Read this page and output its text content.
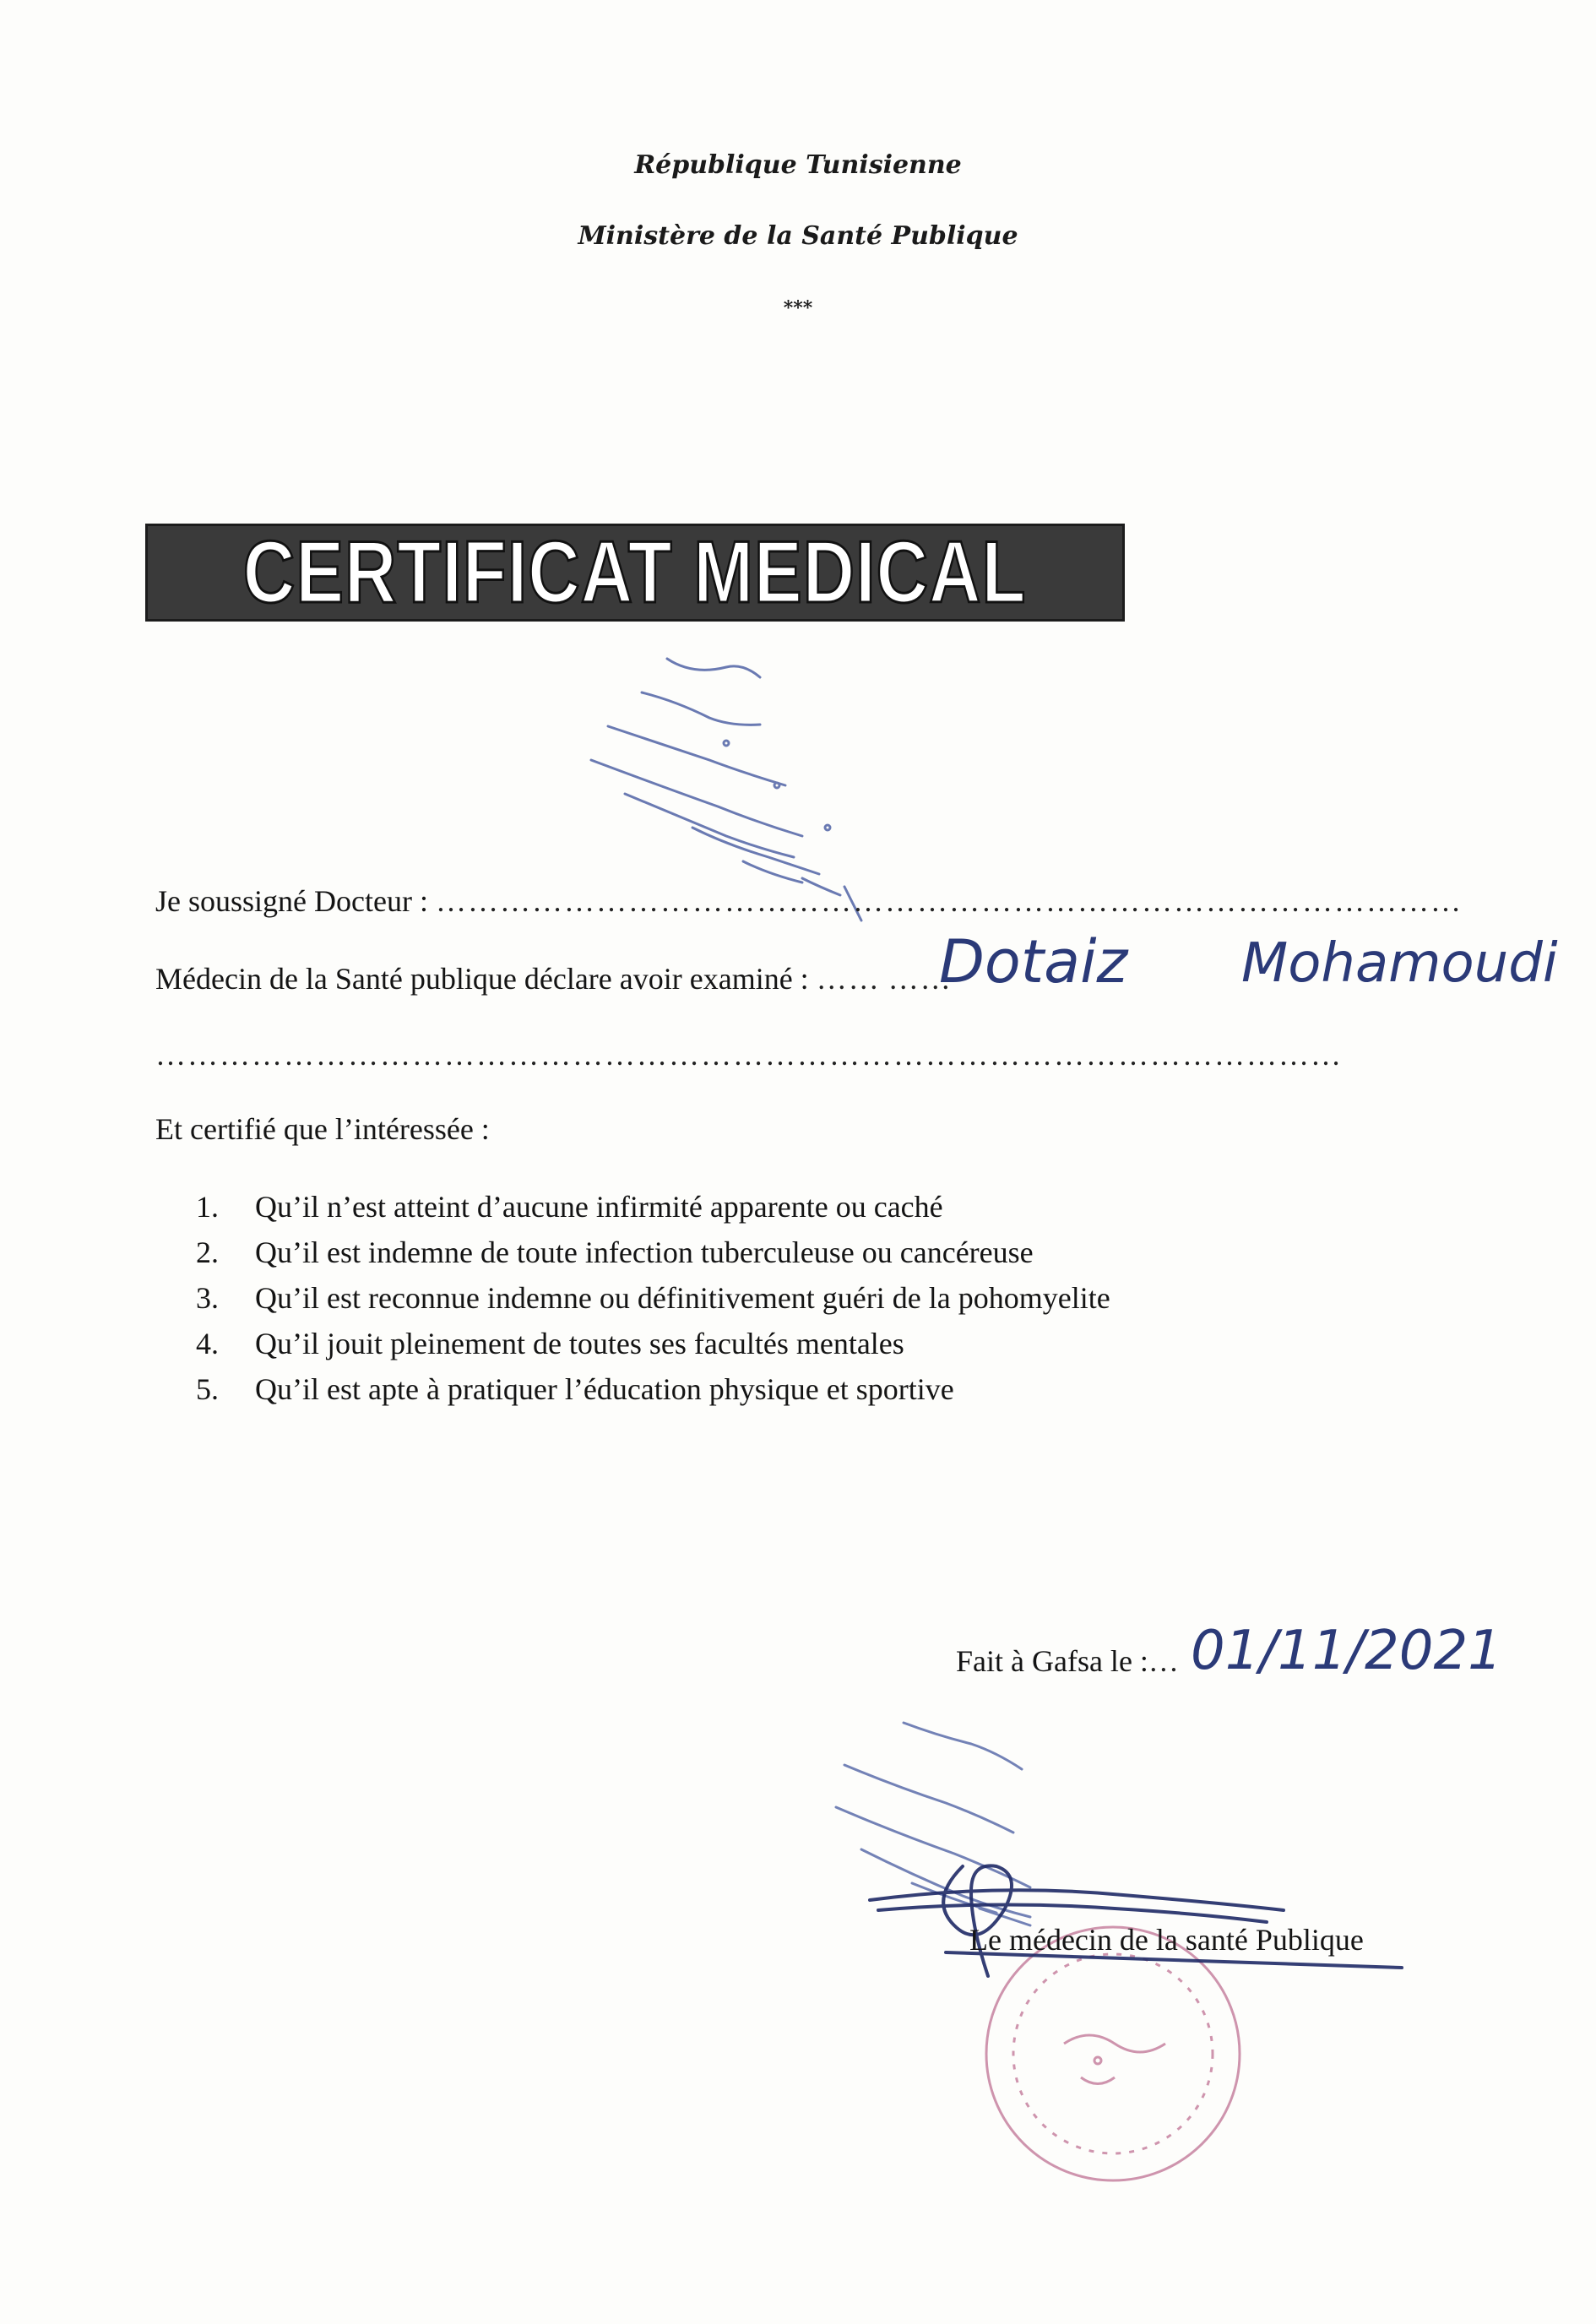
République Tunisienne
Ministère de la Santé Publique
***
CERTIFICAT MEDICAL
Je soussigné Docteur : ……………………………………………………………………………………
Médecin de la Santé publique déclare avoir examiné : …… ……
Dotaiz Mohamoudi
…………………………………………………………………………………………………
Et certifié que l’intéressée :
1. Qu’il n’est atteint d’aucune infirmité apparente ou caché
2. Qu’il est indemne de toute infection tuberculeuse ou cancéreuse
3. Qu’il est reconnue indemne ou définitivement guéri de la pohomyelite
4. Qu’il jouit pleinement de toutes ses facultés mentales
5. Qu’il est apte à pratiquer l’éducation physique et sportive
Fait à Gafsa le :… 01/11/2021
Le médecin de la santé Publique
